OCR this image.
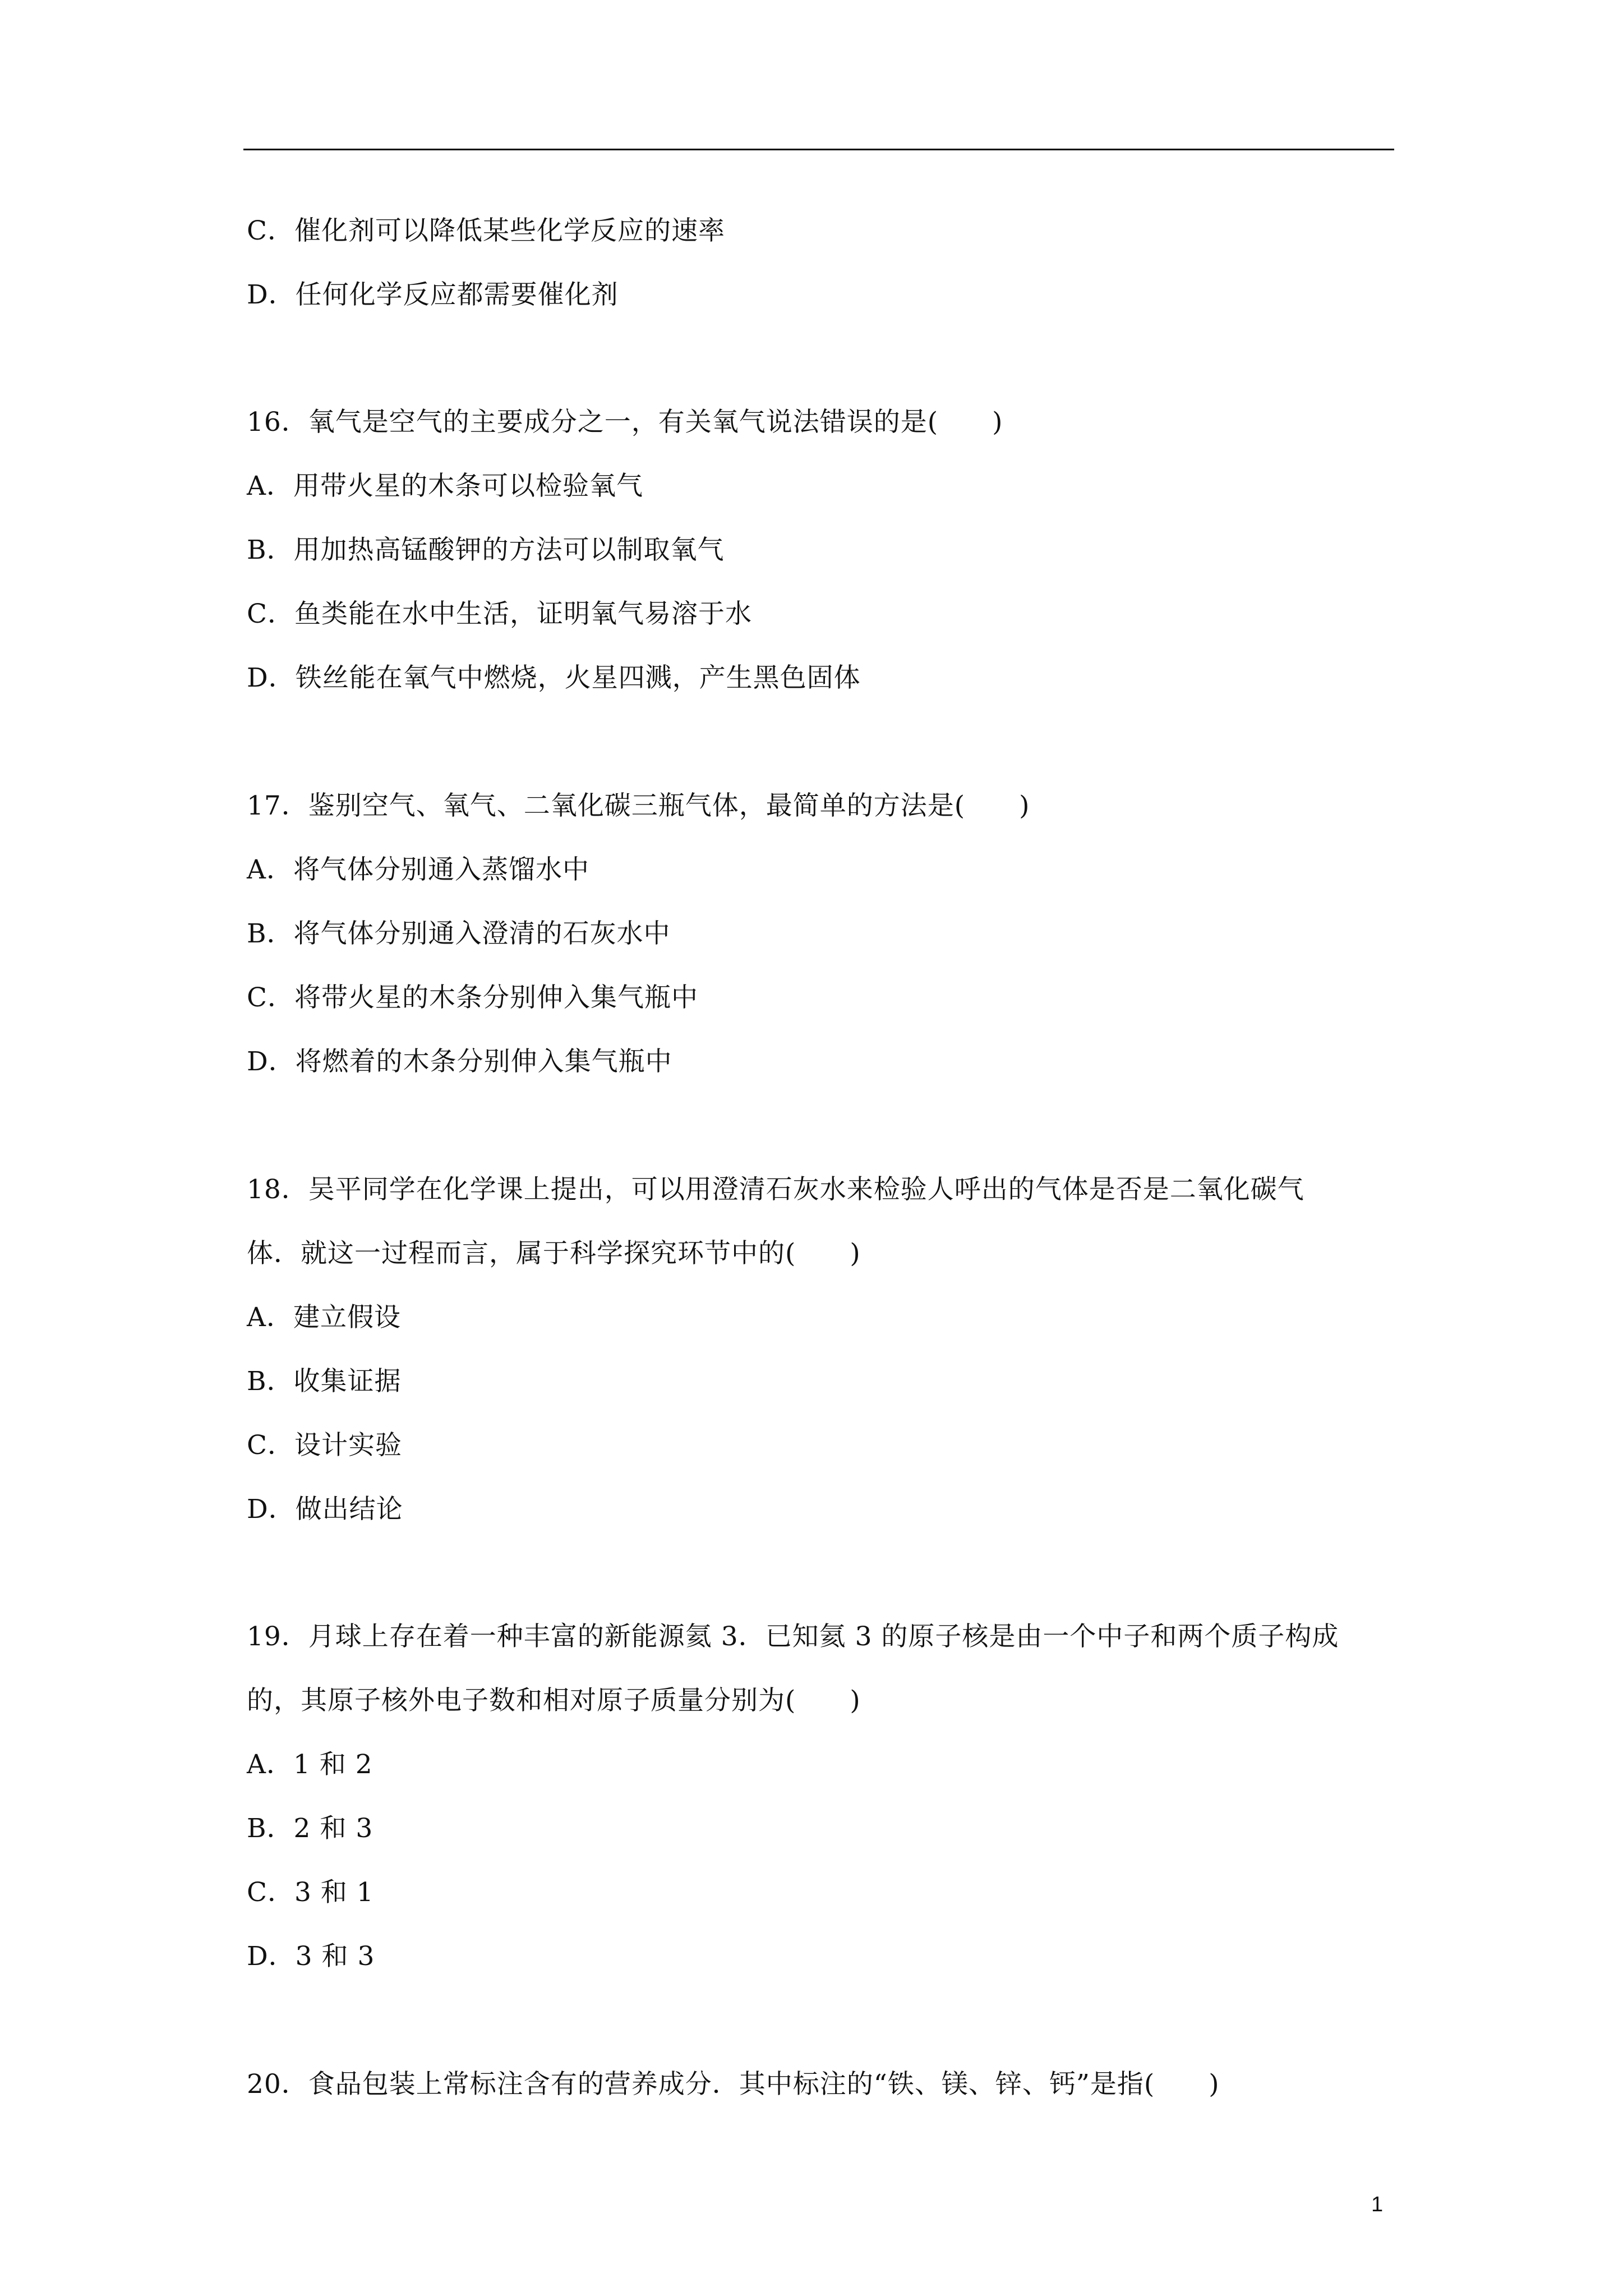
C．催化剂可以降低某些化学反应的速率
D．任何化学反应都需要催化剂
16．氧气是空气的主要成分之一，有关氧气说法错误的是(　　)
A．用带火星的木条可以检验氧气
B．用加热高锰酸钾的方法可以制取氧气
C．鱼类能在水中生活，证明氧气易溶于水
D．铁丝能在氧气中燃烧，火星四溅，产生黑色固体
17．鉴别空气、氧气、二氧化碳三瓶气体，最简单的方法是(　　)
A．将气体分别通入蒸馏水中
B．将气体分别通入澄清的石灰水中
C．将带火星的木条分别伸入集气瓶中
D．将燃着的木条分别伸入集气瓶中
18．吴平同学在化学课上提出，可以用澄清石灰水来检验人呼出的气体是否是二氧化碳气
体．就这一过程而言，属于科学探究环节中的(　　)
A．建立假设
B．收集证据
C．设计实验
D．做出结论
19．月球上存在着一种丰富的新能源氦 3．已知氦 3 的原子核是由一个中子和两个质子构成
的，其原子核外电子数和相对原子质量分别为(　　)
A．1 和 2
B．2 和 3
C．3 和 1
D．3 和 3
20．食品包装上常标注含有的营养成分．其中标注的“铁、镁、锌、钙”是指(　　)
1
